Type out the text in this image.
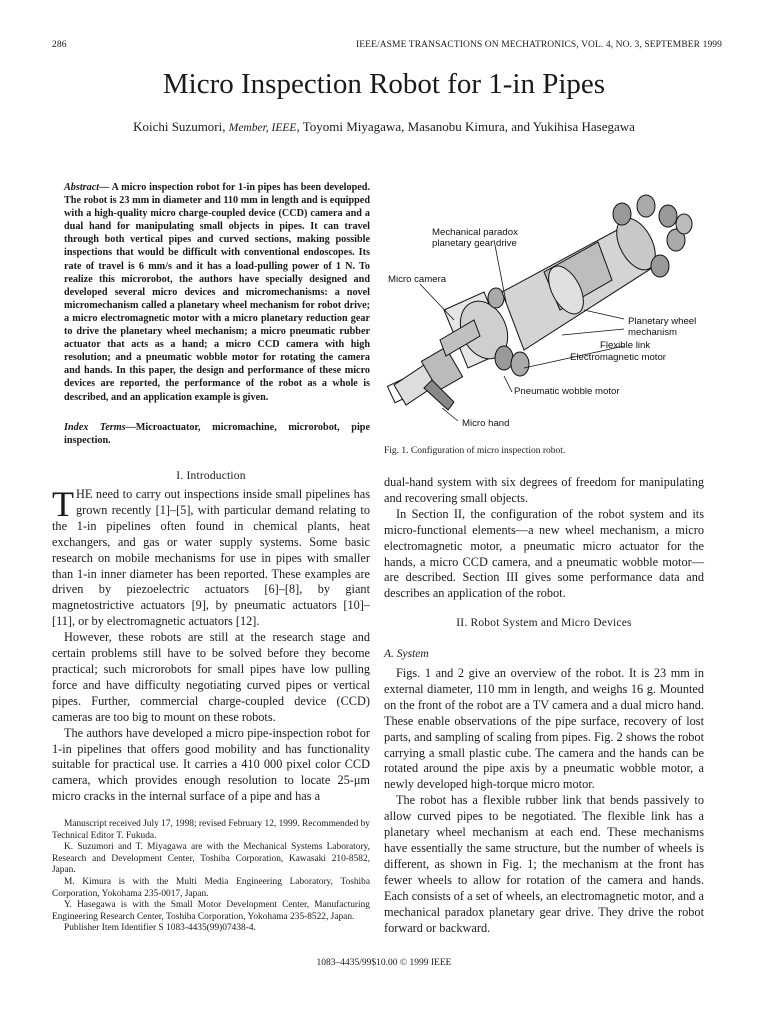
286	IEEE/ASME TRANSACTIONS ON MECHATRONICS, VOL. 4, NO. 3, SEPTEMBER 1999
Micro Inspection Robot for 1-in Pipes
Koichi Suzumori, Member, IEEE, Toyomi Miyagawa, Masanobu Kimura, and Yukihisa Hasegawa
Abstract— A micro inspection robot for 1-in pipes has been developed. The robot is 23 mm in diameter and 110 mm in length and is equipped with a high-quality micro charge-coupled device (CCD) camera and a dual hand for manipulating small objects in pipes. It can travel through both vertical pipes and curved sections, making possible inspections that would be difficult with conventional endoscopes. Its rate of travel is 6 mm/s and it has a load-pulling power of 1 N. To realize this microrobot, the authors have specially designed and developed several micro devices and micromechanisms: a novel micromechanism called a planetary wheel mechanism for robot drive; a micro electromagnetic motor with a micro planetary reduction gear to drive the planetary wheel mechanism; a micro pneumatic rubber actuator that acts as a hand; a micro CCD camera with high resolution; and a pneumatic wobble motor for rotating the camera and hands. In this paper, the design and performance of these micro devices are reported, the performance of the robot as a whole is described, and an application example is given.
Index Terms—Microactuator, micromachine, microrobot, pipe inspection.
I. Introduction

THE need to carry out inspections inside small pipelines has grown recently [1]–[5], with particular demand relating to the 1-in pipelines often found in chemical plants, heat exchangers, and gas or water supply systems. Some basic research on mobile mechanisms for use in pipes with smaller than 1-in inner diameter has been reported. These examples are driven by piezoelectric actuators [6]–[8], by giant magnetostrictive actuators [9], by pneumatic actuators [10]–[11], or by electromagnetic actuators [12].

However, these robots are still at the research stage and certain problems still have to be solved before they become practical; such microrobots for small pipes have low pulling force and have difficulty negotiating curved pipes or vertical pipes. Further, commercial charge-coupled device (CCD) cameras are too big to mount on these robots.

The authors have developed a micro pipe-inspection robot for 1-in pipelines that offers good mobility and has functionality suitable for practical use. It carries a 410 000 pixel color CCD camera, which provides enough resolution to locate 25-μm micro cracks in the internal surface of a pipe and has a

Manuscript received July 17, 1998; revised February 12, 1999. Recommended by Technical Editor T. Fukuda.

K. Suzumori and T. Miyagawa are with the Mechanical Systems Laboratory, Research and Development Center, Toshiba Corporation, Kawasaki 210-8582, Japan.

M. Kimura is with the Multi Media Engineering Laboratory, Toshiba Corporation, Yokohama 235-0017, Japan.

Y. Hasegawa is with the Small Motor Development Center, Manufacturing Engineering Research Center, Toshiba Corporation, Yokohama 235-8522, Japan.

Publisher Item Identifier S 1083-4435(99)07438-4.

Mechanical paradox
planetary gear drive
Micro camera
Planetary wheel
mechanism
Flexible link
Electromagnetic motor
Pneumatic wobble motor
Micro hand
Fig. 1. Configuration of micro inspection robot.

dual-hand system with six degrees of freedom for manipulating and recovering small objects.

In Section II, the configuration of the robot system and its micro-functional elements—a new wheel mechanism, a micro electromagnetic motor, a pneumatic micro actuator for the hands, a micro CCD camera, and a pneumatic wobble motor—are described. Section III gives some performance data and describes an application of the robot.

II. Robot System and Micro Devices
A. System

Figs. 1 and 2 give an overview of the robot. It is 23 mm in external diameter, 110 mm in length, and weighs 16 g. Mounted on the front of the robot are a TV camera and a dual micro hand. These enable observations of the pipe surface, recovery of lost parts, and sampling of scaling from pipes. Fig. 2 shows the robot carrying a small plastic cube. The camera and the hands can be rotated around the pipe axis by a pneumatic wobble motor, a newly developed high-torque micro motor.

The robot has a flexible rubber link that bends passively to allow curved pipes to be negotiated. The flexible link has a planetary wheel mechanism at each end. These mechanisms have essentially the same structure, but the number of wheels is different, as shown in Fig. 1; the mechanism at the front has fewer wheels to allow for rotation of the camera and hands. Each consists of a set of wheels, an electromagnetic motor, and a mechanical paradox planetary gear drive. They drive the robot forward or backward.

1083–4435/99$10.00 © 1999 IEEE
